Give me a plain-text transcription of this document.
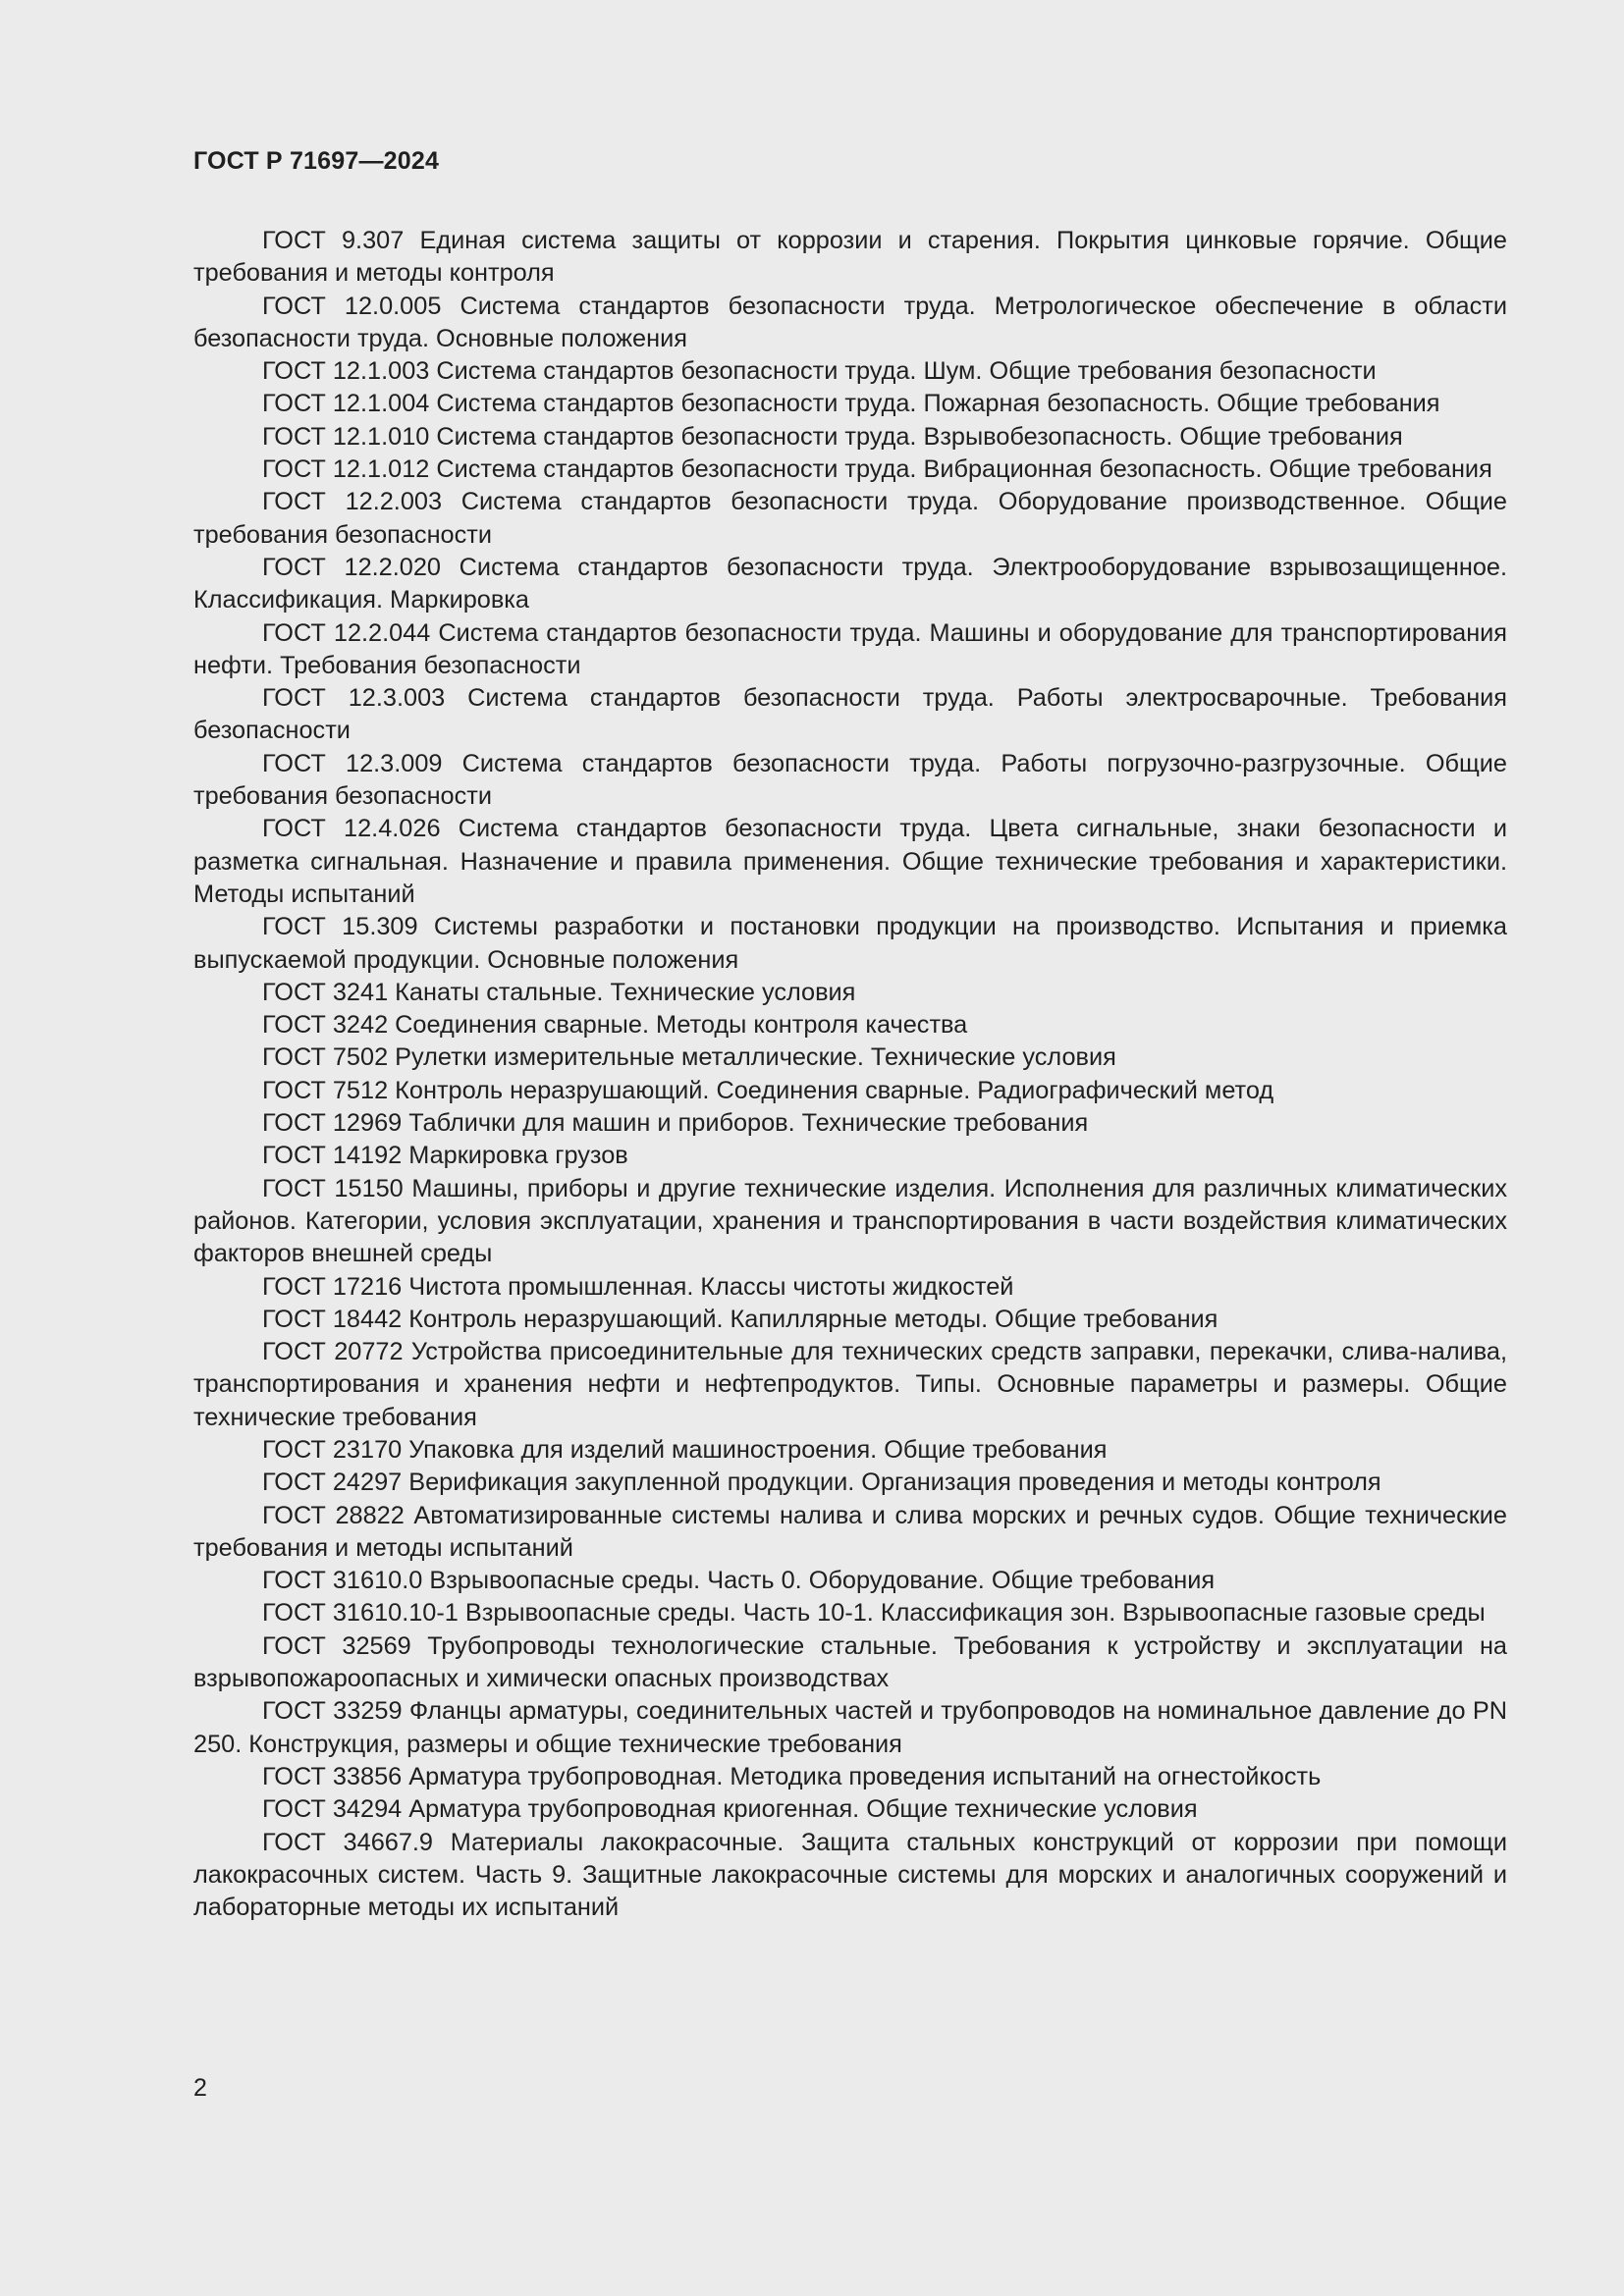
ГОСТ Р 71697—2024
ГОСТ 9.307 Единая система защиты от коррозии и старения. Покрытия цинковые горячие. Общие требования и методы контроля
ГОСТ 12.0.005 Система стандартов безопасности труда. Метрологическое обеспечение в области безопасности труда. Основные положения
ГОСТ 12.1.003 Система стандартов безопасности труда. Шум. Общие требования безопасности
ГОСТ 12.1.004 Система стандартов безопасности труда. Пожарная безопасность. Общие требования
ГОСТ 12.1.010 Система стандартов безопасности труда. Взрывобезопасность. Общие требования
ГОСТ 12.1.012 Система стандартов безопасности труда. Вибрационная безопасность. Общие требования
ГОСТ 12.2.003 Система стандартов безопасности труда. Оборудование производственное. Общие требования безопасности
ГОСТ 12.2.020 Система стандартов безопасности труда. Электрооборудование взрывозащищенное. Классификация. Маркировка
ГОСТ 12.2.044 Система стандартов безопасности труда. Машины и оборудование для транспортирования нефти. Требования безопасности
ГОСТ 12.3.003 Система стандартов безопасности труда. Работы электросварочные. Требования безопасности
ГОСТ 12.3.009 Система стандартов безопасности труда. Работы погрузочно-разгрузочные. Общие требования безопасности
ГОСТ 12.4.026 Система стандартов безопасности труда. Цвета сигнальные, знаки безопасности и разметка сигнальная. Назначение и правила применения. Общие технические требования и характеристики. Методы испытаний
ГОСТ 15.309 Системы разработки и постановки продукции на производство. Испытания и приемка выпускаемой продукции. Основные положения
ГОСТ 3241 Канаты стальные. Технические условия
ГОСТ 3242 Соединения сварные. Методы контроля качества
ГОСТ 7502 Рулетки измерительные металлические. Технические условия
ГОСТ 7512 Контроль неразрушающий. Соединения сварные. Радиографический метод
ГОСТ 12969 Таблички для машин и приборов. Технические требования
ГОСТ 14192 Маркировка грузов
ГОСТ 15150 Машины, приборы и другие технические изделия. Исполнения для различных климатических районов. Категории, условия эксплуатации, хранения и транспортирования в части воздействия климатических факторов внешней среды
ГОСТ 17216 Чистота промышленная. Классы чистоты жидкостей
ГОСТ 18442 Контроль неразрушающий. Капиллярные методы. Общие требования
ГОСТ 20772 Устройства присоединительные для технических средств заправки, перекачки, слива-налива, транспортирования и хранения нефти и нефтепродуктов. Типы. Основные параметры и размеры. Общие технические требования
ГОСТ 23170 Упаковка для изделий машиностроения. Общие требования
ГОСТ 24297 Верификация закупленной продукции. Организация проведения и методы контроля
ГОСТ 28822 Автоматизированные системы налива и слива морских и речных судов. Общие технические требования и методы испытаний
ГОСТ 31610.0 Взрывоопасные среды. Часть 0. Оборудование. Общие требования
ГОСТ 31610.10-1 Взрывоопасные среды. Часть 10-1. Классификация зон. Взрывоопасные газовые среды
ГОСТ 32569 Трубопроводы технологические стальные. Требования к устройству и эксплуатации на взрывопожароопасных и химически опасных производствах
ГОСТ 33259 Фланцы арматуры, соединительных частей и трубопроводов на номинальное давление до PN 250. Конструкция, размеры и общие технические требования
ГОСТ 33856 Арматура трубопроводная. Методика проведения испытаний на огнестойкость
ГОСТ 34294 Арматура трубопроводная криогенная. Общие технические условия
ГОСТ 34667.9 Материалы лакокрасочные. Защита стальных конструкций от коррозии при помощи лакокрасочных систем. Часть 9. Защитные лакокрасочные системы для морских и аналогичных сооружений и лабораторные методы их испытаний
2
